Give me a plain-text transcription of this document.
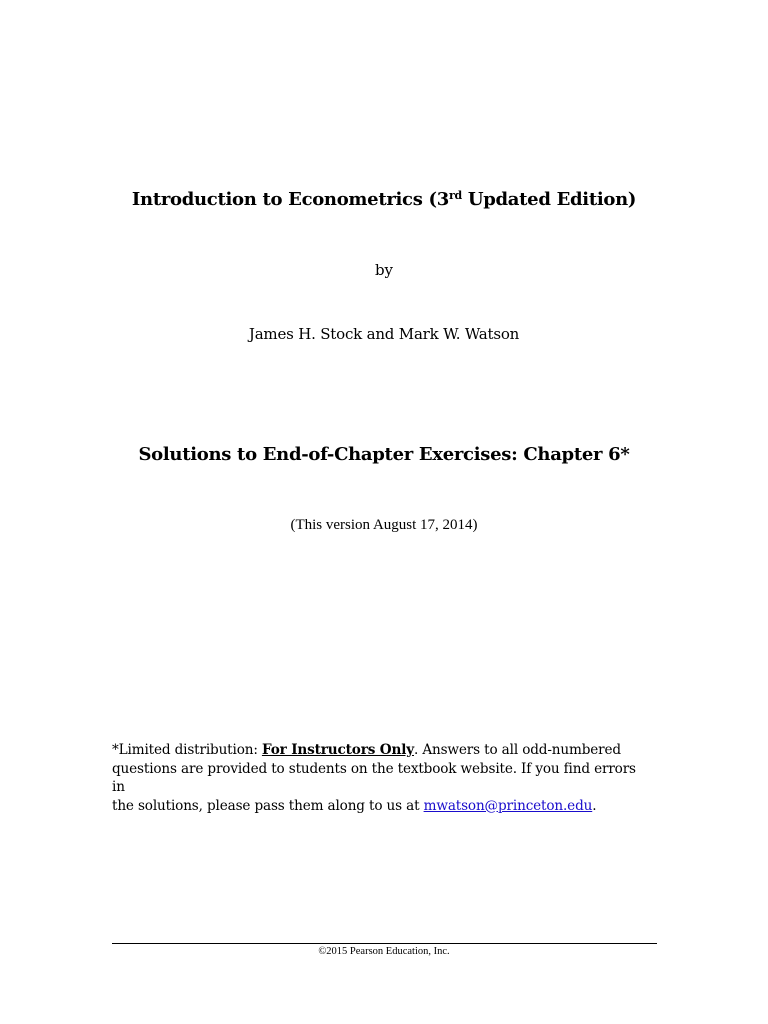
Introduction to Econometrics (3rd Updated Edition)
by
James H. Stock and Mark W. Watson
Solutions to End-of-Chapter Exercises: Chapter 6*
(This version August 17, 2014)
*Limited distribution: For Instructors Only. Answers to all odd-numbered
questions are provided to students on the textbook website. If you find errors in
the solutions, please pass them along to us at mwatson@princeton.edu.
©2015 Pearson Education, Inc.
